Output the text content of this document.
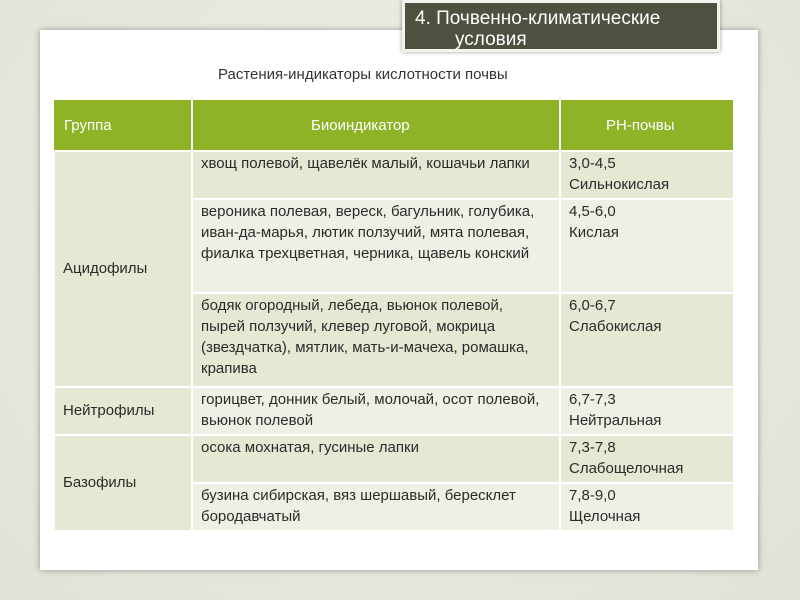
4. Почвенно-климатические
условия
Растения-индикаторы кислотности почвы
Группа	Биоиндикатор	PH-почвы
Ацидофилы	хвощ полевой, щавелёк малый, кошачьи лапки	3,0-4,5
Сильнокислая

	вероника полевая, вереск, багульник, голубика, иван-да-марья, лютик ползучий, мята полевая, фиалка трехцветная, черника, щавель конский	4,5-6,0
Кислая

	бодяк огородный, лебеда, вьюнок полевой, пырей ползучий, клевер луговой, мокрица (звездчатка), мятлик, мать-и-мачеха, ромашка, крапива	6,0-6,7
Слабокислая

Нейтрофилы	горицвет, донник белый, молочай, осот полевой, вьюнок полевой	6,7-7,3
Нейтральная

Базофилы	осока мохнатая, гусиные лапки	7,3-7,8
Слабощелочная

	бузина сибирская, вяз шершавый, бересклет бородавчатый	7,8-9,0
Щелочная
